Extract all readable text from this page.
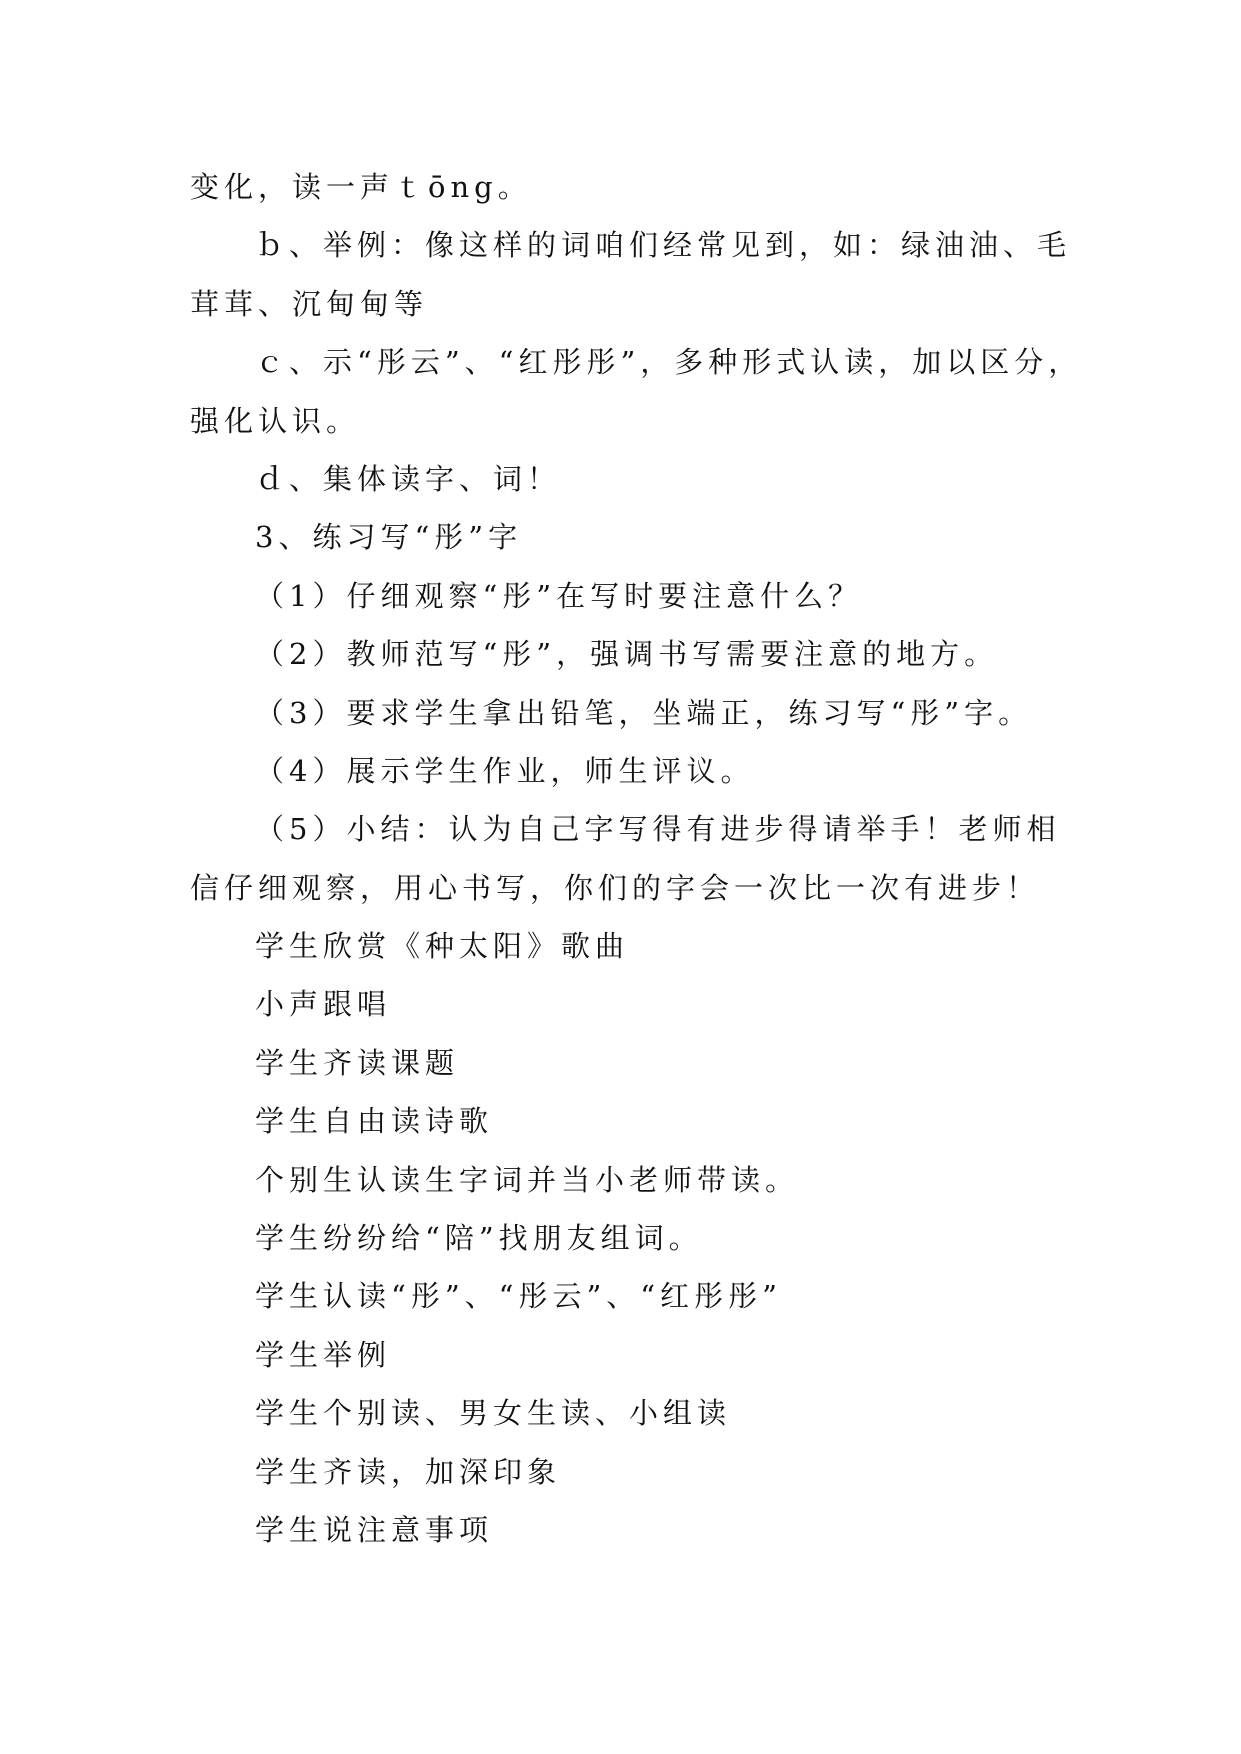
变化，读一声ｔōng。
ｂ、举例：像这样的词咱们经常见到，如：绿油油、毛
茸茸、沉甸甸等
ｃ、示“彤云”、“红彤彤”，多种形式认读，加以区分，
强化认识。
ｄ、集体读字、词！
3、练习写“彤”字
（1）仔细观察“彤”在写时要注意什么？
（2）教师范写“彤”，强调书写需要注意的地方。
（3）要求学生拿出铅笔，坐端正，练习写“彤”字。
（4）展示学生作业，师生评议。
（5）小结：认为自己字写得有进步得请举手！老师相
信仔细观察，用心书写，你们的字会一次比一次有进步！
学生欣赏《种太阳》歌曲
小声跟唱
学生齐读课题
学生自由读诗歌
个别生认读生字词并当小老师带读。
学生纷纷给“陪”找朋友组词。
学生认读“彤”、“彤云”、“红彤彤”
学生举例
学生个别读、男女生读、小组读
学生齐读，加深印象
学生说注意事项
